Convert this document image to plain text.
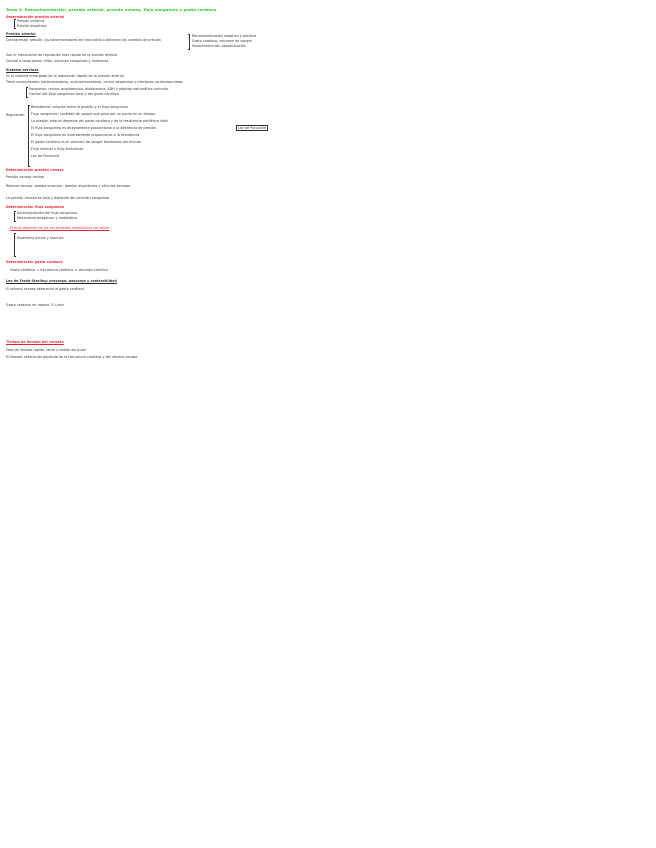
Tema 4. Retroalimentación, presión arterial, presión venosa, flujo sanguíneo y gasto cardíaco
Determinación presión arterial
Presión sistólica
Presión diastólica
Presión arterial
Contrarrestar presión: los barorreceptores del arco aórtico detectan los cambios de presión
Retroalimentación negativa y positiva
Gasto cardíaco, volumen de sangre
Vasoconstricción vasodilatación
Son el mecanismo de regulación más rápido de la presión arterial
Control a largo plazo: riñón, volumen sanguíneo y hormonas
Sistema nervioso
Es el sistema encargado de la regulación rápida de la presión arterial
Tiene componentes: barorreceptores, quimiorreceptores, centro vasomotor y efectores cardiovasculares
Hormonas: renina, angiotensina, aldosterona, ADH y péptido natriurético auricular
Control del flujo sanguíneo local y del gasto cardíaco
Regulación
Resistencia: relación entre la presión y el flujo sanguíneo
Flujo sanguíneo: cantidad de sangre que pasa por un punto en un tiempo
La presión arterial depende del gasto cardíaco y de la resistencia periférica total
El flujo sanguíneo es directamente proporcional a la diferencia de presión	Ley de Poiseuille
El flujo sanguíneo es inversamente proporcional a la resistencia
El gasto cardíaco es el volumen de sangre bombeado por minuto
Flujo laminar y flujo turbulento
Ley de Poiseuille
Determinación presión venosa
Presión venosa central
Retorno venoso: bomba muscular, bomba respiratoria y válvulas venosas
La presión venosa es baja y depende del volumen sanguíneo
Determinación flujo sanguíneo
Autorregulación del flujo sanguíneo
Mecanismo miogénico y metabólico
El flujo depende de las necesidades metabólicas del tejido
Hiperemia activa y reactiva
Determinación gasto cardíaco
Gasto cardíaco = frecuencia cardíaca × volumen sistólico
Ley de Frank-Starling: precarga, poscarga y contractilidad
El retorno venoso determina el gasto cardíaco
Gasto cardíaco en reposo: 5 L/min
Tiempo de llenado del corazón
Fase de llenado rápido, lento y sístole auricular
El llenado ventricular depende de la frecuencia cardíaca y del retorno venoso
